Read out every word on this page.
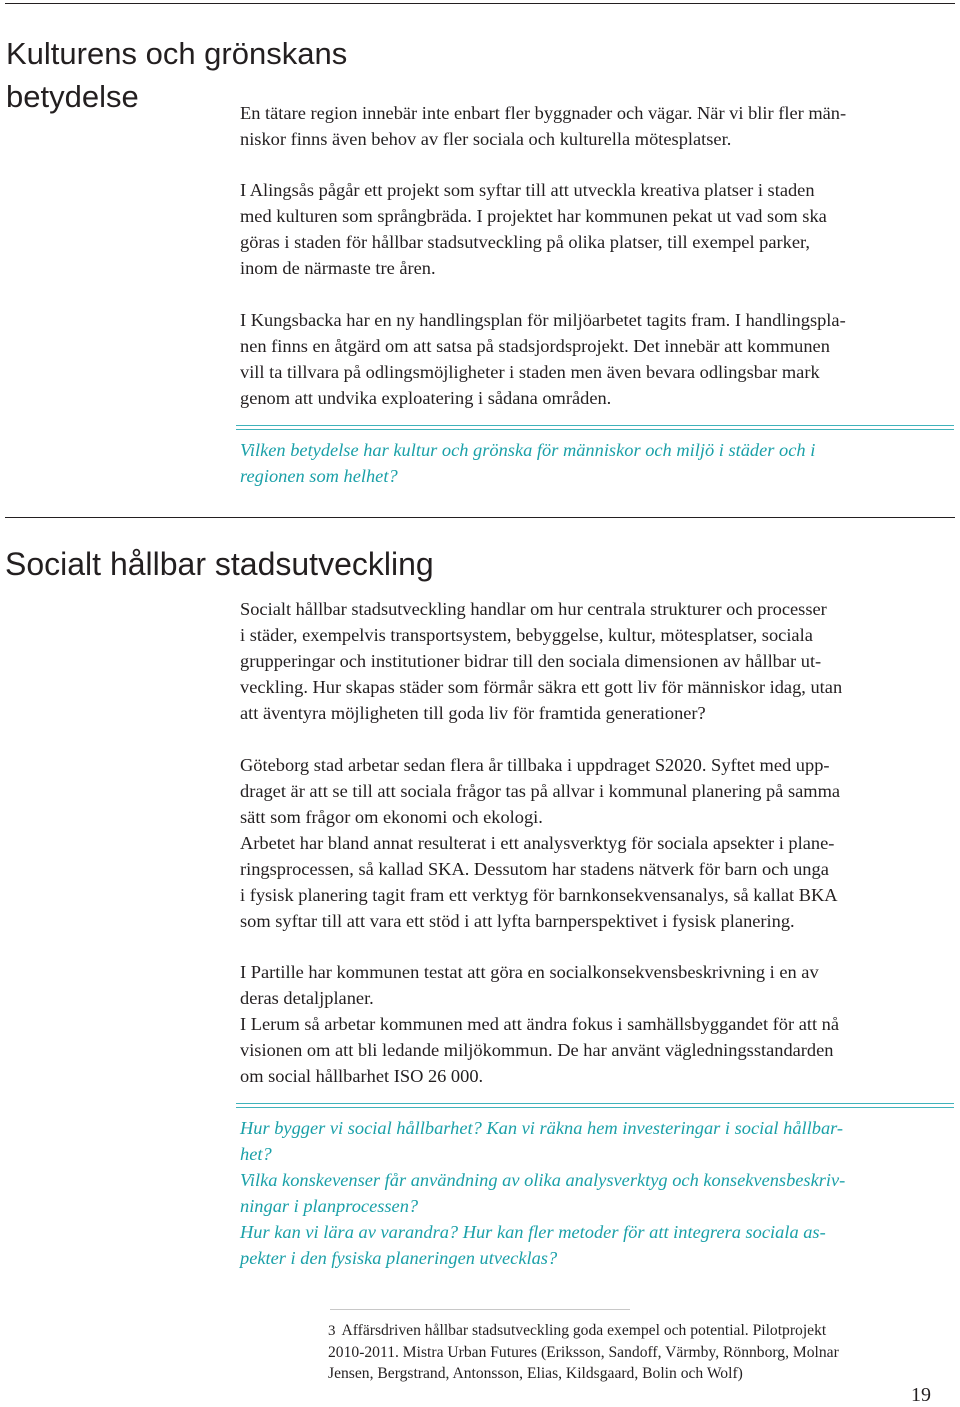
Kulturens och grönskans betydelse	En tätare region innebär inte enbart fler byggnader och vägar. När vi blir fler män-
niskor finns även behov av fler sociala och kulturella mötesplatser.

I Alingsås pågår ett projekt som syftar till att utveckla kreativa platser i staden
med kulturen som språngbräda. I projektet har kommunen pekat ut vad som ska
göras i staden för hållbar stadsutveckling på olika platser, till exempel parker,
inom de närmaste tre åren.

I Kungsbacka har en ny handlingsplan för miljöarbetet tagits fram. I handlingspla-
nen finns en åtgärd om att satsa på stadsjordsprojekt. Det innebär att kommunen
vill ta tillvara på odlingsmöjligheter i staden men även bevara odlingsbar mark
genom att undvika exploatering i sådana områden.

Vilken betydelse har kultur och grönska för människor och miljö i städer och i
regionen som helhet?

Socialt hållbar stadsutveckling

Socialt hållbar stadsutveckling handlar om hur centrala strukturer och processer
i städer, exempelvis transportsystem, bebyggelse, kultur, mötesplatser, sociala
grupperingar och institutioner bidrar till den sociala dimensionen av hållbar ut-
veckling. Hur skapas städer som förmår säkra ett gott liv för människor idag, utan
att äventyra möjligheten till goda liv för framtida generationer?

Göteborg stad arbetar sedan flera år tillbaka i uppdraget S2020. Syftet med upp-
draget är att se till att sociala frågor tas på allvar i kommunal planering på samma
sätt som frågor om ekonomi och ekologi.
Arbetet har bland annat resulterat i ett analysverktyg för sociala apsekter i plane-
ringsprocessen, så kallad SKA. Dessutom har stadens nätverk för barn och unga
i fysisk planering tagit fram ett verktyg för barnkonsekvensanalys, så kallat BKA
som syftar till att vara ett stöd i att lyfta barnperspektivet i fysisk planering.

I Partille har kommunen testat att göra en socialkonsekvensbeskrivning i en av
deras detaljplaner.
I Lerum så arbetar kommunen med att ändra fokus i samhällsbyggandet för att nå
visionen om att bli ledande miljökommun. De har använt vägledningsstandarden
om social hållbarhet ISO 26 000.

Hur bygger vi social hållbarhet? Kan vi räkna hem investeringar i social hållbar-
het?
Vilka konskevenser får användning av olika analysverktyg och konsekvensbeskriv-
ningar i planprocessen?
Hur kan vi lära av varandra? Hur kan fler metoder för att integrera sociala as-
pekter i den fysiska planeringen utvecklas?

3 Affärsdriven hållbar stadsutveckling goda exempel och potential. Pilotprojekt
2010-2011. Mistra Urban Futures (Eriksson, Sandoff, Värmby, Rönnborg, Molnar
Jensen, Bergstrand, Antonsson, Elias, Kildsgaard, Bolin och Wolf)

19
